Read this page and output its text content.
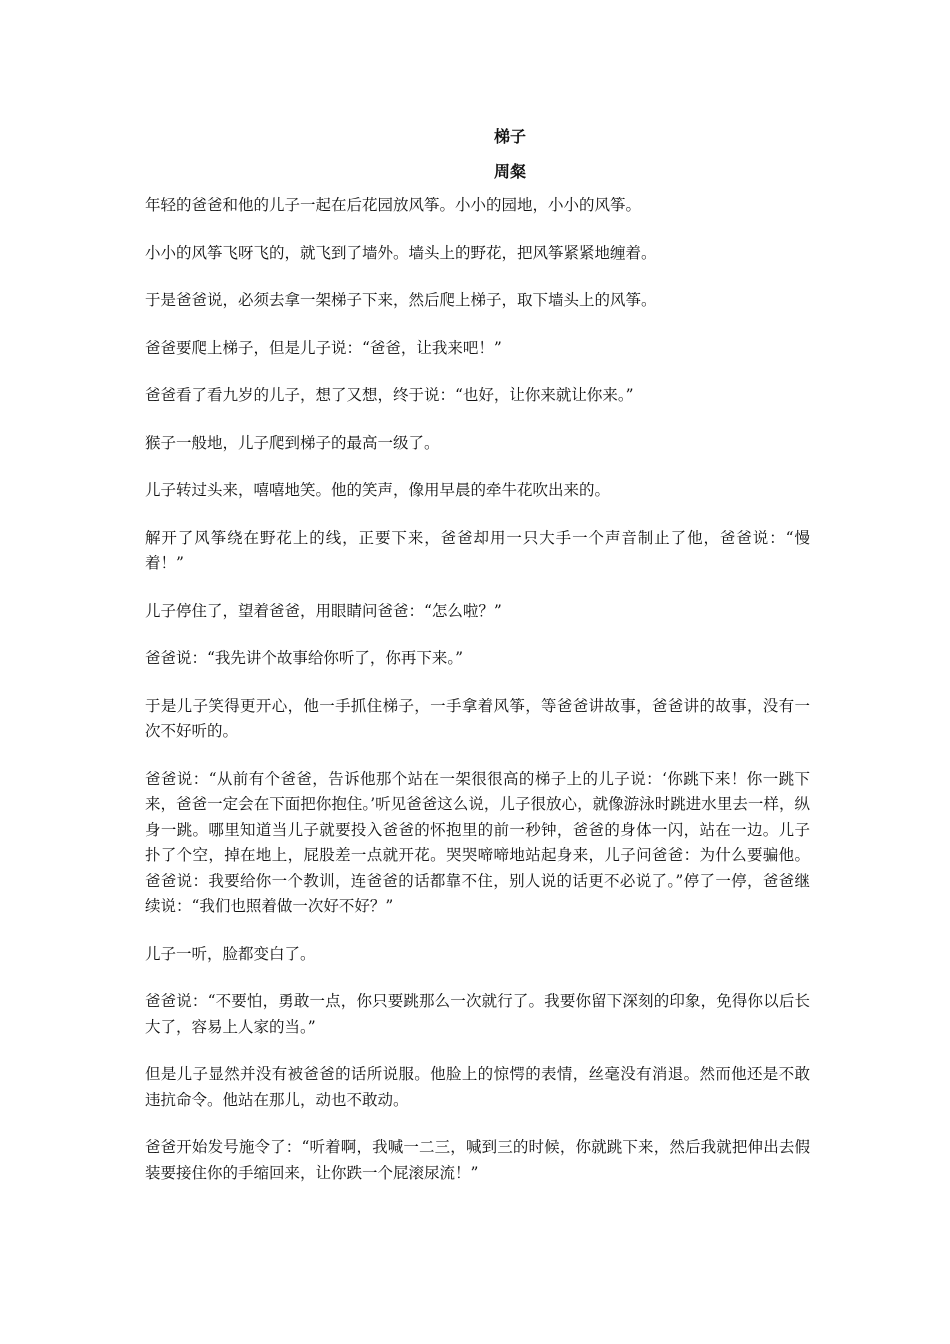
梯子
周粲

年轻的爸爸和他的儿子一起在后花园放风筝。小小的园地，小小的风筝。

小小的风筝飞呀飞的，就飞到了墙外。墙头上的野花，把风筝紧紧地缠着。

于是爸爸说，必须去拿一架梯子下来，然后爬上梯子，取下墙头上的风筝。

爸爸要爬上梯子，但是儿子说：“爸爸，让我来吧！”

爸爸看了看九岁的儿子，想了又想，终于说：“也好，让你来就让你来。”

猴子一般地，儿子爬到梯子的最高一级了。

儿子转过头来，嘻嘻地笑。他的笑声，像用早晨的牵牛花吹出来的。

解开了风筝绕在野花上的线，正要下来，爸爸却用一只大手一个声音制止了他，爸爸说：“慢着！”

儿子停住了，望着爸爸，用眼睛问爸爸：“怎么啦？”

爸爸说：“我先讲个故事给你听了，你再下来。”

于是儿子笑得更开心，他一手抓住梯子，一手拿着风筝，等爸爸讲故事，爸爸讲的故事，没有一次不好听的。

爸爸说：“从前有个爸爸，告诉他那个站在一架很很高的梯子上的儿子说：‘你跳下来！你一跳下来，爸爸一定会在下面把你抱住。’听见爸爸这么说，儿子很放心，就像游泳时跳进水里去一样，纵身一跳。哪里知道当儿子就要投入爸爸的怀抱里的前一秒钟，爸爸的身体一闪，站在一边。儿子扑了个空，掉在地上，屁股差一点就开花。哭哭啼啼地站起身来，儿子问爸爸：为什么要骗他。爸爸说：我要给你一个教训，连爸爸的话都靠不住，别人说的话更不必说了。”停了一停，爸爸继续说：“我们也照着做一次好不好？”

儿子一听，脸都变白了。

爸爸说：“不要怕，勇敢一点，你只要跳那么一次就行了。我要你留下深刻的印象，免得你以后长大了，容易上人家的当。”

但是儿子显然并没有被爸爸的话所说服。他脸上的惊愕的表情，丝毫没有消退。然而他还是不敢违抗命令。他站在那儿，动也不敢动。

爸爸开始发号施令了：“听着啊，我喊一二三，喊到三的时候，你就跳下来，然后我就把伸出去假装要接住你的手缩回来，让你跌一个屁滚尿流！”
